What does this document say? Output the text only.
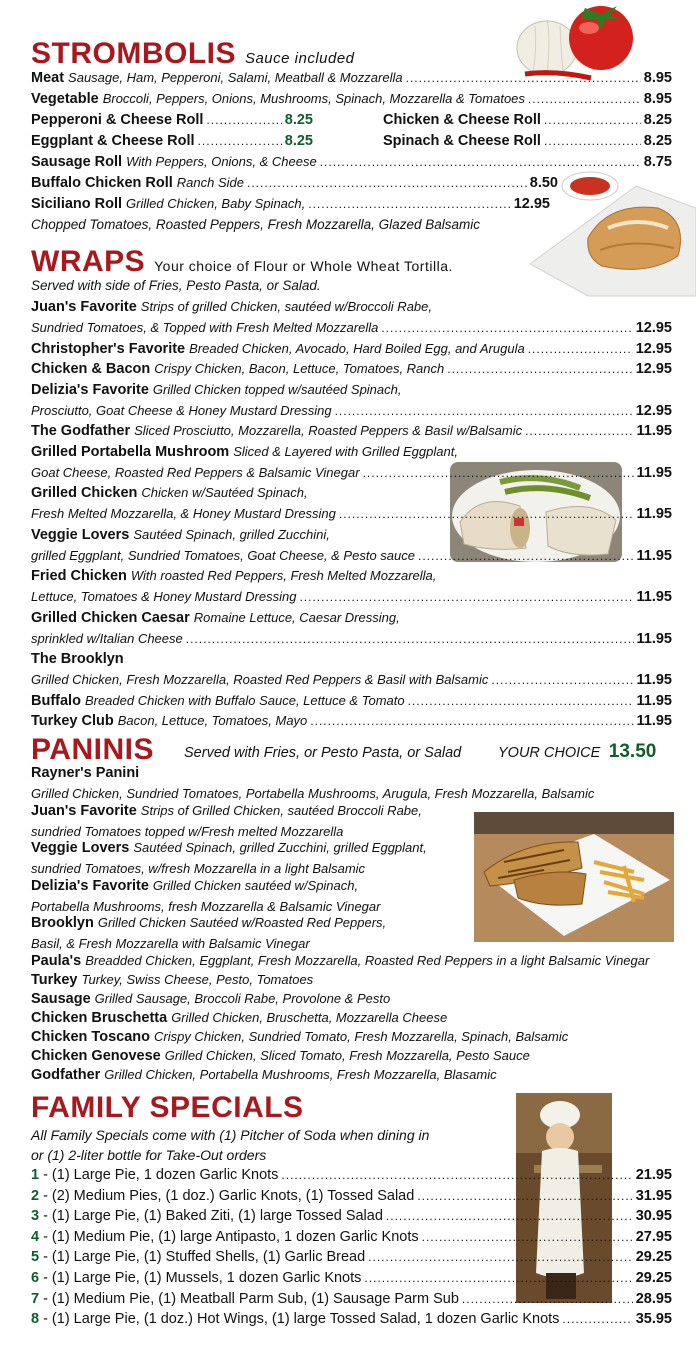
STROMBOLIS Sauce included
Meat Sausage, Ham, Pepperoni, Salami, Meatball & Mozzarella .....	8.95
Vegetable Broccoli, Peppers, Onions, Mushrooms, Spinach, Mozzarella & Tomatoes .....	8.95
Pepperoni & Cheese Roll .....	8.25	Chicken & Cheese Roll .....	8.25
Eggplant & Cheese Roll .....	8.25	Spinach & Cheese Roll .....	8.25
Sausage Roll With Peppers, Onions, & Cheese .....	8.75
Buffalo Chicken Roll Ranch Side .....	8.50
Siciliano Roll Grilled Chicken, Baby Spinach, .....	12.95
Chopped Tomatoes, Roasted Peppers, Fresh Mozzarella, Glazed Balsamic
WRAPS Your choice of Flour or Whole Wheat Tortilla.
Served with side of Fries, Pesto Pasta, or Salad.
Juan's Favorite Strips of grilled Chicken, sautéed w/Broccoli Rabe,
Sundried Tomatoes, & Topped with Fresh Melted Mozzarella .....	12.95
Christopher's Favorite Breaded Chicken, Avocado, Hard Boiled Egg, and Arugula .....	12.95
Chicken & Bacon Crispy Chicken, Bacon, Lettuce, Tomatoes, Ranch .....	12.95
Delizia's Favorite Grilled Chicken topped w/sautéed Spinach,
Prosciutto, Goat Cheese & Honey Mustard Dressing .....	12.95
The Godfather Sliced Prosciutto, Mozzarella, Roasted Peppers & Basil w/Balsamic .....	11.95
Grilled Portabella Mushroom Sliced & Layered with Grilled Eggplant,
Goat Cheese, Roasted Red Peppers & Balsamic Vinegar .....	11.95
Grilled Chicken Chicken w/Sautéed Spinach,
Fresh Melted Mozzarella, & Honey Mustard Dressing .....	11.95
Veggie Lovers Sautéed Spinach, grilled Zucchini,
grilled Eggplant, Sundried Tomatoes, Goat Cheese, & Pesto sauce .....	11.95
Fried Chicken With roasted Red Peppers, Fresh Melted Mozzarella,
Lettuce, Tomatoes & Honey Mustard Dressing .....	11.95
Grilled Chicken Caesar Romaine Lettuce, Caesar Dressing,
sprinkled w/Italian Cheese .....	11.95
The Brooklyn
Grilled Chicken, Fresh Mozzarella, Roasted Red Peppers & Basil with Balsamic .....	11.95
Buffalo Breaded Chicken with Buffalo Sauce, Lettuce & Tomato .....	11.95
Turkey Club Bacon, Lettuce, Tomatoes, Mayo .....	11.95
PANINIS Served with Fries, or Pesto Pasta, or Salad	YOUR CHOICE 13.50
Rayner's Panini
Grilled Chicken, Sundried Tomatoes, Portabella Mushrooms, Arugula, Fresh Mozzarella, Balsamic
Juan's Favorite Strips of Grilled Chicken, sautéed Broccoli Rabe,
sundried Tomatoes topped w/Fresh melted Mozzarella
Veggie Lovers Sautéed Spinach, grilled Zucchini, grilled Eggplant,
sundried Tomatoes, w/fresh Mozzarella in a light Balsamic
Delizia's Favorite Grilled Chicken sautéed w/Spinach,
Portabella Mushrooms, fresh Mozzarella & Balsamic Vinegar
Brooklyn Grilled Chicken Sautéed w/Roasted Red Peppers,
Basil, & Fresh Mozzarella with Balsamic Vinegar
Paula's Breadded Chicken, Eggplant, Fresh Mozzarella, Roasted Red Peppers in a light Balsamic Vinegar
Turkey Turkey, Swiss Cheese, Pesto, Tomatoes
Sausage Grilled Sausage, Broccoli Rabe, Provolone & Pesto
Chicken Bruschetta Grilled Chicken, Bruschetta, Mozzarella Cheese
Chicken Toscano Crispy Chicken, Sundried Tomato, Fresh Mozzarella, Spinach, Balsamic
Chicken Genovese Grilled Chicken, Sliced Tomato, Fresh Mozzarella, Pesto Sauce
Godfather Grilled Chicken, Portabella Mushrooms, Fresh Mozzarella, Blasamic
FAMILY SPECIALS
All Family Specials come with (1) Pitcher of Soda when dining in
or (1) 2-liter bottle for Take-Out orders
1 - (1) Large Pie, 1 dozen Garlic Knots .....	21.95
2 - (2) Medium Pies, (1 doz.) Garlic Knots, (1) Tossed Salad .....	31.95
3 - (1) Large Pie, (1) Baked Ziti, (1) large Tossed Salad .....	30.95
4 - (1) Medium Pie, (1) large Antipasto, 1 dozen Garlic Knots .....	27.95
5 - (1) Large Pie, (1) Stuffed Shells, (1) Garlic Bread .....	29.25
6 - (1) Large Pie, (1) Mussels, 1 dozen Garlic Knots .....	29.25
7 - (1) Medium Pie, (1) Meatball Parm Sub, (1) Sausage Parm Sub .....	28.95
8 - (1) Large Pie, (1 doz.) Hot Wings, (1) large Tossed Salad, 1 dozen Garlic Knots .....	35.95
